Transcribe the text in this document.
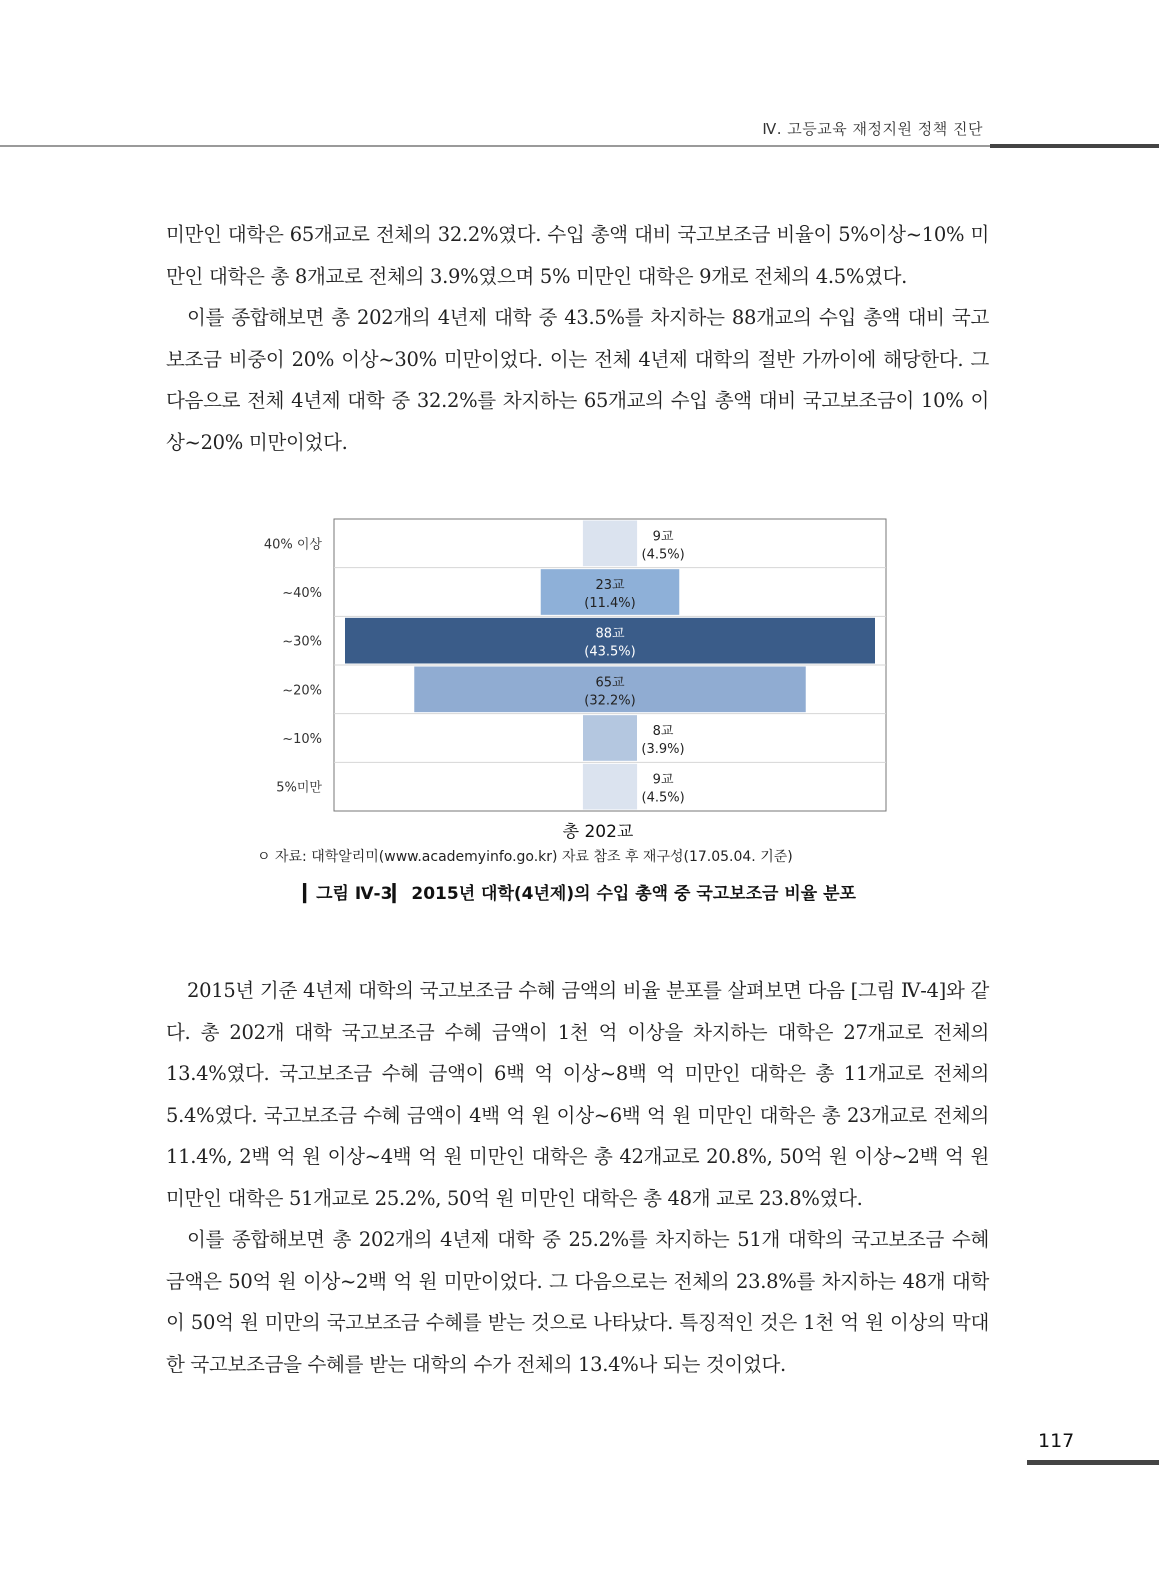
Ⅳ. 고등교육 재정지원 정책 진단

미만인 대학은 65개교로 전체의 32.2%였다. 수입 총액 대비 국고보조금 비율이 5%이상~10% 미만인 대학은 총 8개교로 전체의 3.9%였으며 5% 미만인 대학은 9개로 전체의 4.5%였다.

이를 종합해보면 총 202개의 4년제 대학 중 43.5%를 차지하는 88개교의 수입 총액 대비 국고보조금 비중이 20% 이상~30% 미만이었다. 이는 전체 4년제 대학의 절반 가까이에 해당한다. 그 다음으로 전체 4년제 대학 중 32.2%를 차지하는 65개교의 수입 총액 대비 국고보조금이 10% 이상~20% 미만이었다.

40% 이상
9교
(4.5%)
~40%
23교
(11.4%)
~30%
88교
(43.5%)
~20%
65교
(32.2%)
~10%
8교
(3.9%)
5%미만
9교
(4.5%)
총 202교
ㅇ 자료: 대학알리미(www.academyinfo.go.kr) 자료 참조 후 재구성(17.05.04. 기준)
▎그림 Ⅳ-3▎ 2015년 대학(4년제)의 수입 총액 중 국고보조금 비율 분포

2015년 기준 4년제 대학의 국고보조금 수혜 금액의 비율 분포를 살펴보면 다음 [그림 Ⅳ-4]와 같다. 총 202개 대학 국고보조금 수혜 금액이 1천 억 이상을 차지하는 대학은 27개교로 전체의 13.4%였다. 국고보조금 수혜 금액이 6백 억 이상~8백 억 미만인 대학은 총 11개교로 전체의 5.4%였다. 국고보조금 수혜 금액이 4백 억 원 이상~6백 억 원 미만인 대학은 총 23개교로 전체의 11.4%, 2백 억 원 이상~4백 억 원 미만인 대학은 총 42개교로 20.8%, 50억 원 이상~2백 억 원 미만인 대학은 51개교로 25.2%, 50억 원 미만인 대학은 총 48개 교로 23.8%였다.

이를 종합해보면 총 202개의 4년제 대학 중 25.2%를 차지하는 51개 대학의 국고보조금 수혜 금액은 50억 원 이상~2백 억 원 미만이었다. 그 다음으로는 전체의 23.8%를 차지하는 48개 대학이 50억 원 미만의 국고보조금 수혜를 받는 것으로 나타났다. 특징적인 것은 1천 억 원 이상의 막대한 국고보조금을 수혜를 받는 대학의 수가 전체의 13.4%나 되는 것이었다.

117
